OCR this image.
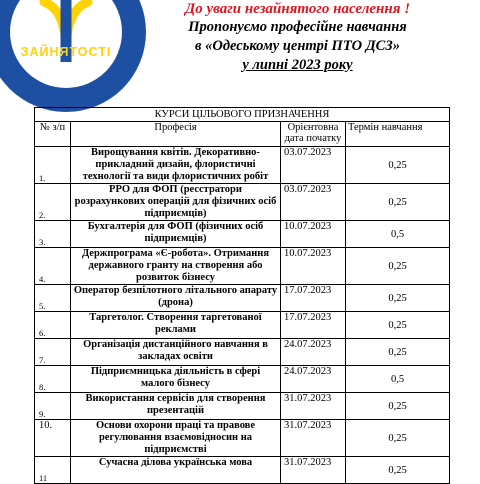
ЗАЙНЯТОСТІ
До уваги незайнятого населення !
Пропонуємо професійне навчання
в «Одеському центрі ПТО ДСЗ»
у липні 2023 року
КУРСИ ЦІЛЬОВОГО ПРИЗНАЧЕННЯ			
№ з/п	Професія	Орієнтовна дата початку	Термін навчання
1.	Вирощування квітів. Декоративно-прикладний дизайн, флористичні технології та види флористичних робіт	03.07.2023	0,25
2.	РРО для ФОП (ресстратори розрахункових операцій для фізичних осіб підприємців)	03.07.2023	0,25
3.	Бухгалтерія для ФОП (фізичних осіб підприємців)	10.07.2023	0,5
4.	Держпрограма «Є-робота». Отримання державного гранту на створення або розвиток бізнесу	10.07.2023	0,25
5.	Оператор безпілотного літального апарату (дрона)	17.07.2023	0,25
6.	Таргетолог. Створення таргетованої реклами	17.07.2023	0,25
7.	Організація дистанційного навчання в закладах освіти	24.07.2023	0,25
8.	Підприємницька діяльність в сфері малого бізнесу	24.07.2023	0,5
9.	Використання сервісів для створення презентацій	31.07.2023	0,25
10.	Основи охорони праці та правове регулювання взаємовідносин на підприємстві	31.07.2023	0,25
11	Сучасна ділова українська мова	31.07.2023	0,25
